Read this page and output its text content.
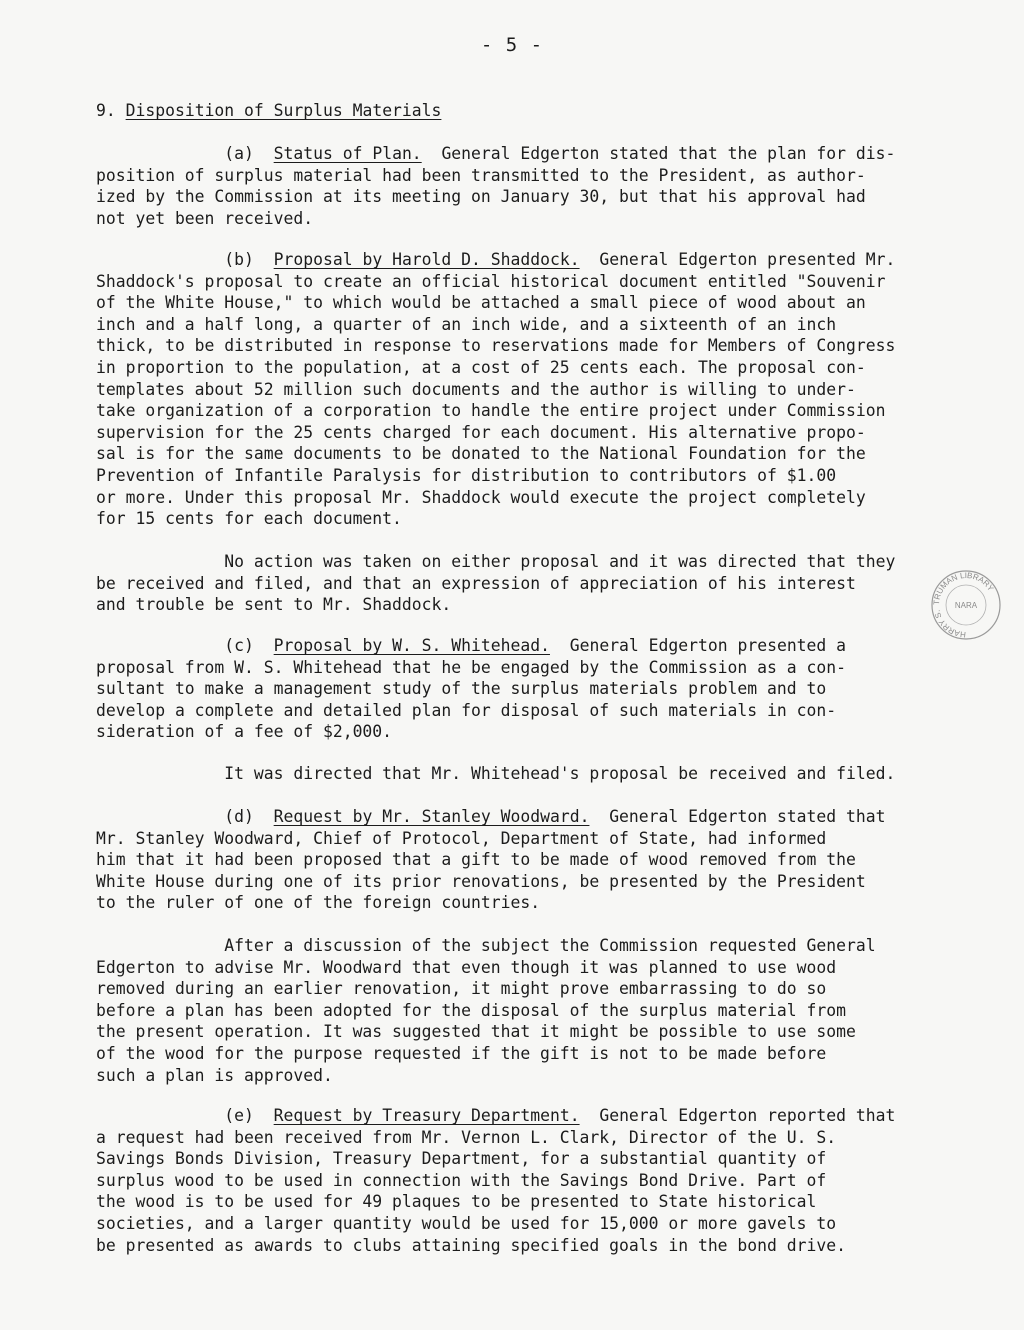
- 5 -
9. Disposition of Surplus Materials
(a) Status of Plan. General Edgerton stated that the plan for dis-
position of surplus material had been transmitted to the President, as author-
ized by the Commission at its meeting on January 30, but that his approval had
not yet been received.
(b) Proposal by Harold D. Shaddock. General Edgerton presented Mr.
Shaddock's proposal to create an official historical document entitled "Souvenir
of the White House," to which would be attached a small piece of wood about an
inch and a half long, a quarter of an inch wide, and a sixteenth of an inch
thick, to be distributed in response to reservations made for Members of Congress
in proportion to the population, at a cost of 25 cents each. The proposal con-
templates about 52 million such documents and the author is willing to under-
take organization of a corporation to handle the entire project under Commission
supervision for the 25 cents charged for each document. His alternative propo-
sal is for the same documents to be donated to the National Foundation for the
Prevention of Infantile Paralysis for distribution to contributors of $1.00
or more. Under this proposal Mr. Shaddock would execute the project completely
for 15 cents for each document.
No action was taken on either proposal and it was directed that they
be received and filed, and that an expression of appreciation of his interest
and trouble be sent to Mr. Shaddock.
(c) Proposal by W. S. Whitehead. General Edgerton presented a
proposal from W. S. Whitehead that he be engaged by the Commission as a con-
sultant to make a management study of the surplus materials problem and to
develop a complete and detailed plan for disposal of such materials in con-
sideration of a fee of $2,000.
It was directed that Mr. Whitehead's proposal be received and filed.
(d) Request by Mr. Stanley Woodward. General Edgerton stated that
Mr. Stanley Woodward, Chief of Protocol, Department of State, had informed
him that it had been proposed that a gift to be made of wood removed from the
White House during one of its prior renovations, be presented by the President
to the ruler of one of the foreign countries.
After a discussion of the subject the Commission requested General
Edgerton to advise Mr. Woodward that even though it was planned to use wood
removed during an earlier renovation, it might prove embarrassing to do so
before a plan has been adopted for the disposal of the surplus material from
the present operation. It was suggested that it might be possible to use some
of the wood for the purpose requested if the gift is not to be made before
such a plan is approved.
(e) Request by Treasury Department. General Edgerton reported that
a request had been received from Mr. Vernon L. Clark, Director of the U. S.
Savings Bonds Division, Treasury Department, for a substantial quantity of
surplus wood to be used in connection with the Savings Bond Drive. Part of
the wood is to be used for 49 plaques to be presented to State historical
societies, and a larger quantity would be used for 15,000 or more gavels to
be presented as awards to clubs attaining specified goals in the bond drive.
TRUMAN LIBRARY
HARRY S.
NARA
